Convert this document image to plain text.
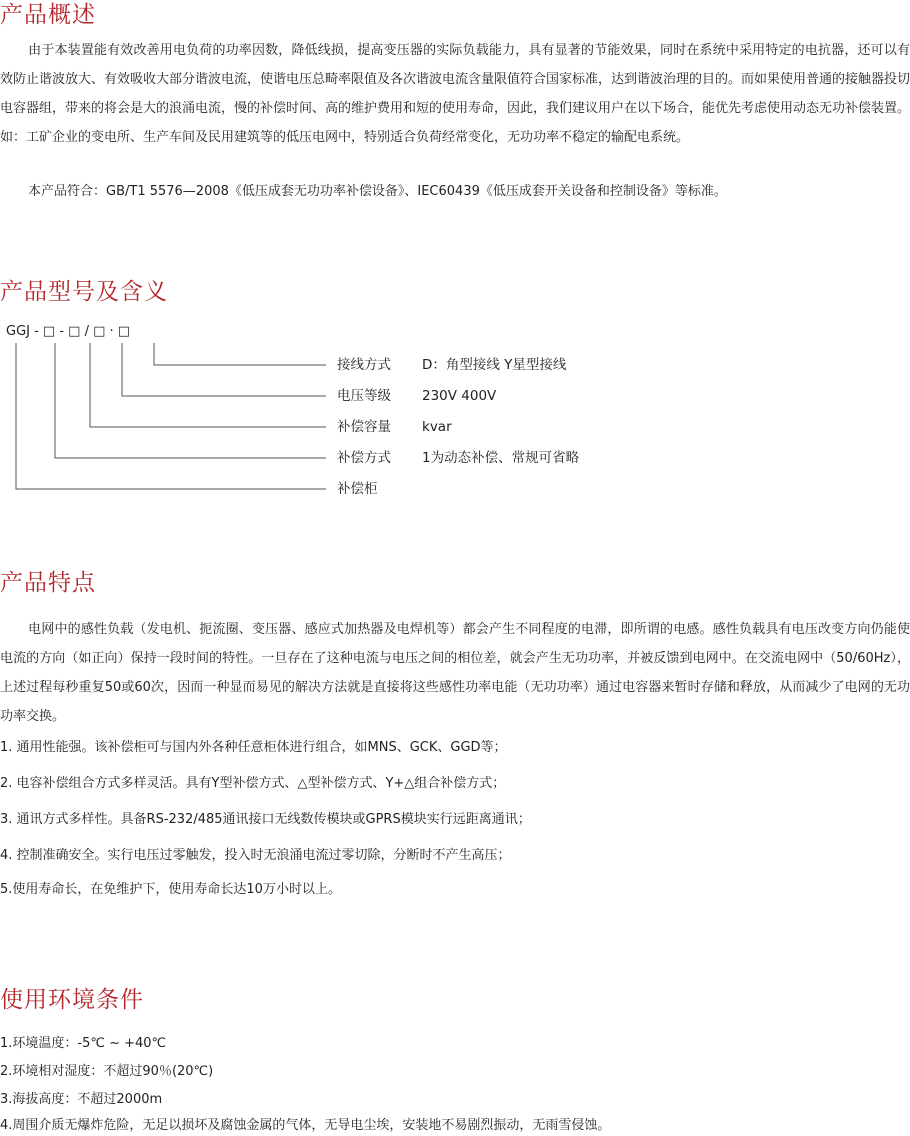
产品概述

由于本装置能有效改善用电负荷的功率因数，降低线损，提高变压器的实际负载能力，具有显著的节能效果，同时在系统中采用特定的电抗器，还可以有效防止谐波放大、有效吸收大部分谐波电流，使谐电压总畸率限值及各次谐波电流含量限值符合国家标准，达到谐波治理的目的。而如果使用普通的接触器投切电容器组，带来的将会是大的浪涌电流，慢的补偿时间、高的维护费用和短的使用寿命，因此，我们建议用户在以下场合，能优先考虑使用动态无功补偿装置。如：工矿企业的变电所、生产车间及民用建筑等的低压电网中，特别适合负荷经常变化，无功功率不稳定的输配电系统。

本产品符合：GB/T1 5576—2008《低压成套无功功率补偿设备》、IEC60439《低压成套开关设备和控制设备》等标准。

产品型号及含义
GGJ - □ - □ / □ · □
接线方式 D：角型接线 Y星型接线
电压等级 230V 400V
补偿容量 kvar
补偿方式 1为动态补偿、常规可省略
补偿柜
产品特点

电网中的感性负载（发电机、扼流圈、变压器、感应式加热器及电焊机等）都会产生不同程度的电滞，即所谓的电感。感性负载具有电压改变方向仍能使电流的方向（如正向）保持一段时间的特性。一旦存在了这种电流与电压之间的相位差，就会产生无功功率，并被反馈到电网中。在交流电网中（50/60Hz），上述过程每秒重复50或60次，因而一种显而易见的解决方法就是直接将这些感性功率电能（无功功率）通过电容器来暂时存储和释放，从而减少了电网的无功功率交换。

1. 通用性能强。该补偿柜可与国内外各种任意柜体进行组合，如MNS、GCK、GGD等；

2. 电容补偿组合方式多样灵活。具有Y型补偿方式、△型补偿方式、Y+△组合补偿方式；

3. 通讯方式多样性。具备RS-232/485通讯接口无线数传模块或GPRS模块实行远距离通讯；

4. 控制准确安全。实行电压过零触发，投入时无浪涌电流过零切除，分断时不产生高压；

5.使用寿命长，在免维护下，使用寿命长达10万小时以上。

使用环境条件

1.环境温度：-5℃ ~ +40℃

2.环境相对湿度：不超过90％(20℃)

3.海拔高度：不超过2000m

4.周围介质无爆炸危险，无足以损坏及腐蚀金属的气体，无导电尘埃，安装地不易剧烈振动，无雨雪侵蚀。
